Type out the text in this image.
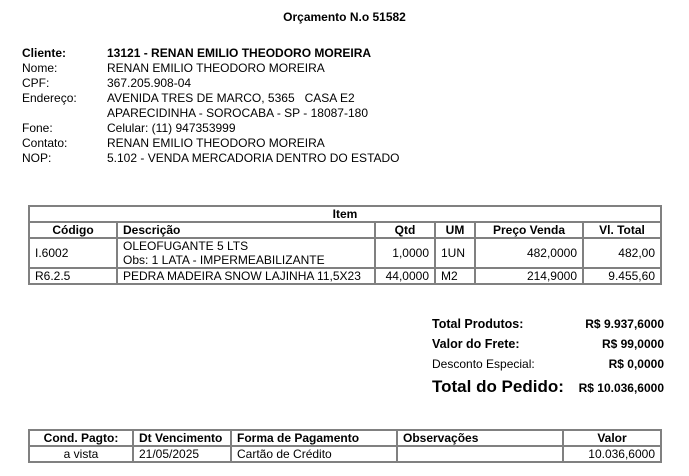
Orçamento N.o 51582
Cliente:	13121 - RENAN EMILIO THEODORO MOREIRA
Nome:	RENAN EMILIO THEODORO MOREIRA
CPF:	367.205.908-04
Endereço:	AVENIDA TRES DE MARCO, 5365   CASA E2
APARECIDINHA - SOROCABA - SP - 18087-180
Fone:	Celular: (11) 947353999
Contato:	RENAN EMILIO THEODORO MOREIRA
NOP:	5.102 - VENDA MERCADORIA DENTRO DO ESTADO
Item					
Código	Descrição	Qtd	UM	Preço Venda	Vl. Total
I.6002	OLEOFUGANTE 5 LTS
Obs: 1 LATA - IMPERMEABILIZANTE	1,0000	1UN	482,0000	482,00
R6.2.5	PEDRA MADEIRA SNOW LAJINHA 11,5X23	44,0000	M2	214,9000	9.455,60
Total Produtos:	R$ 9.937,6000
Valor do Frete:	R$ 99,0000
Desconto Especial:	R$ 0,0000
Total do Pedido: R$ 10.036,6000
Cond. Pagto:	Dt Vencimento	Forma de Pagamento	Observações	Valor
a vista	21/05/2025	Cartão de Crédito		10.036,6000
